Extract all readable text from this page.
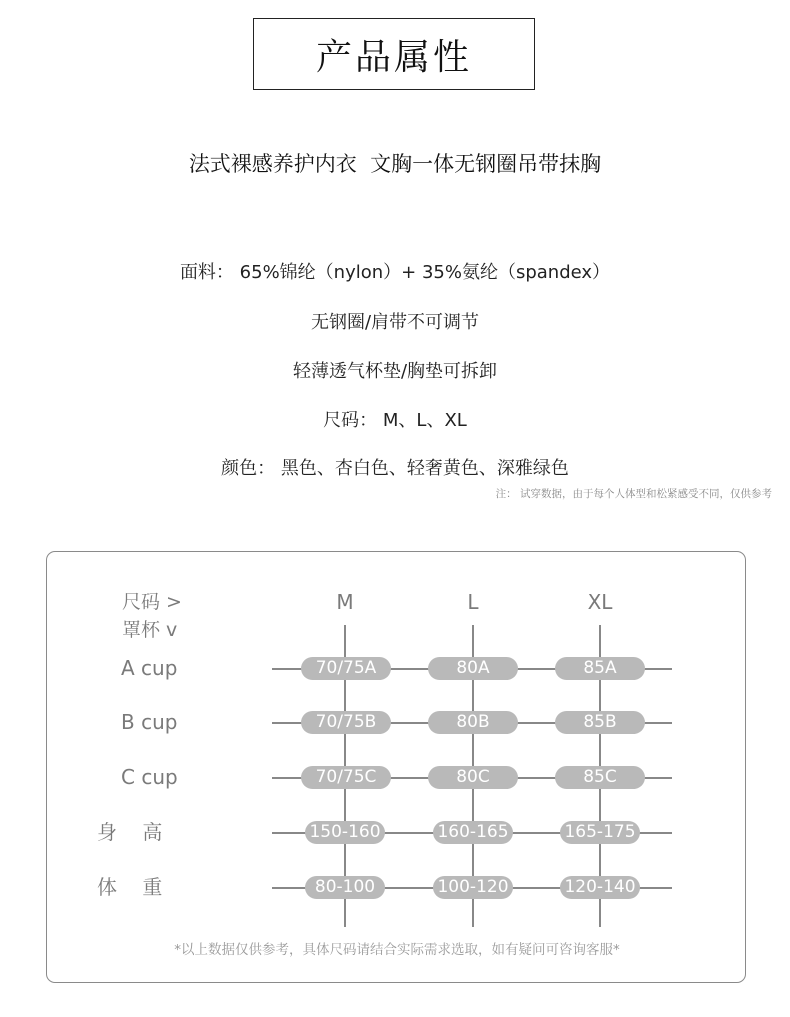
产品属性
法式裸感养护内衣  文胸一体无钢圈吊带抹胸
面料： 65%锦纶（nylon）+ 35%氨纶（spandex）
无钢圈/肩带不可调节
轻薄透气杯垫/胸垫可拆卸
尺码： M、L、XL
颜色： 黑色、杏白色、轻奢黄色、深雅绿色
注： 试穿数据，由于每个人体型和松紧感受不同，仅供参考
尺码 >
罩杯 v
M	L	XL
A cup	70/75A	80A	85A
B cup	70/75B	80B	85B
C cup	70/75C	80C	85C
身    高	150-160	160-165	165-175
体    重	80-100	100-120	120-140
*以上数据仅供参考，具体尺码请结合实际需求选取，如有疑问可咨询客服*
